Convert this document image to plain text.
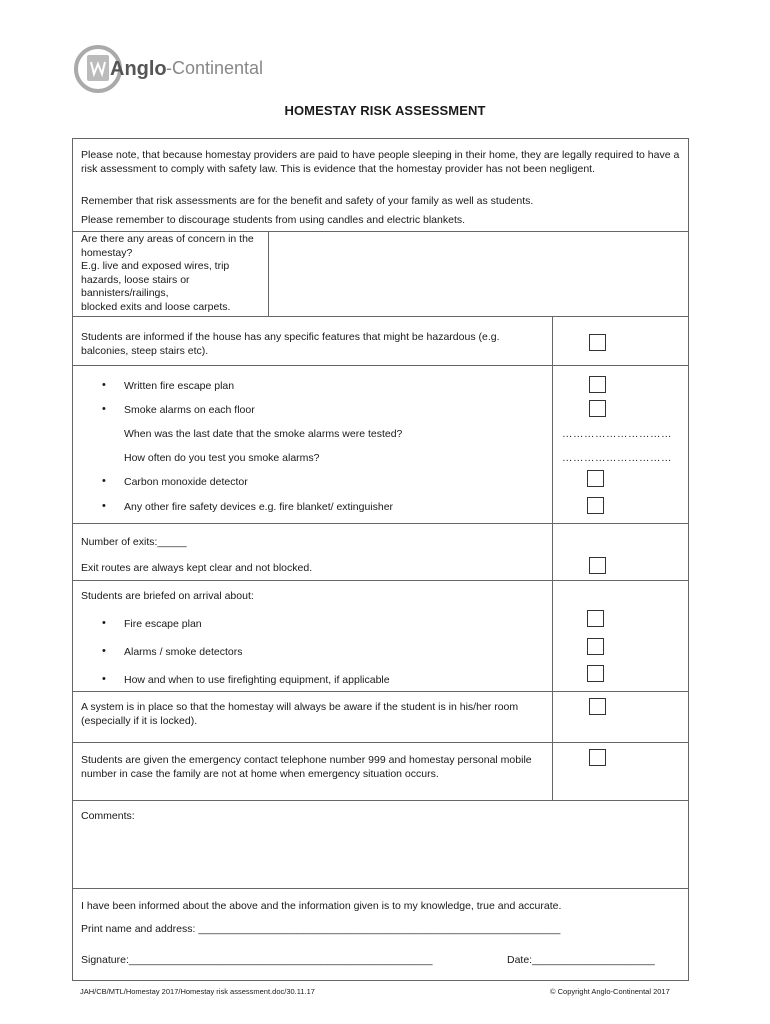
Anglo -Continental
HOMESTAY RISK ASSESSMENT
Please note, that because homestay providers are paid to have people sleeping in their home, they are legally required to have a risk assessment to comply with safety law. This is evidence that the homestay provider has not been negligent.
Remember that risk assessments are for the benefit and safety of your family as well as students.
Please remember to discourage students from using candles and electric blankets.
Are there any areas of concern in the homestay?
E.g. live and exposed wires, trip hazards, loose stairs or bannisters/railings,
blocked exits and loose carpets.
Students are informed if the house has any specific features that might be hazardous (e.g. balconies, steep stairs etc).
• Written fire escape plan
• Smoke alarms on each floor
When was the last date that the smoke alarms were tested?	…………………………
How often do you test you smoke alarms?	…………………………
• Carbon monoxide detector
• Any other fire safety devices e.g. fire blanket/ extinguisher
Number of exits:_____
Exit routes are always kept clear and not blocked.
Students are briefed on arrival about:
• Fire escape plan
• Alarms / smoke detectors
• How and when to use firefighting equipment, if applicable
A system is in place so that the homestay will always be aware if the student is in his/her room (especially if it is locked).
Students are given the emergency contact telephone number 999 and homestay personal mobile number in case the family are not at home when emergency situation occurs.
Comments:
I have been informed about the above and the information given is to my knowledge, true and accurate.
Print name and address: ______________________________________________________________
Signature:____________________________________________________	Date:_____________________
JAH/CB/MTL/Homestay 2017/Homestay risk assessment.doc/30.11.17	© Copyright Anglo-Continental 2017
